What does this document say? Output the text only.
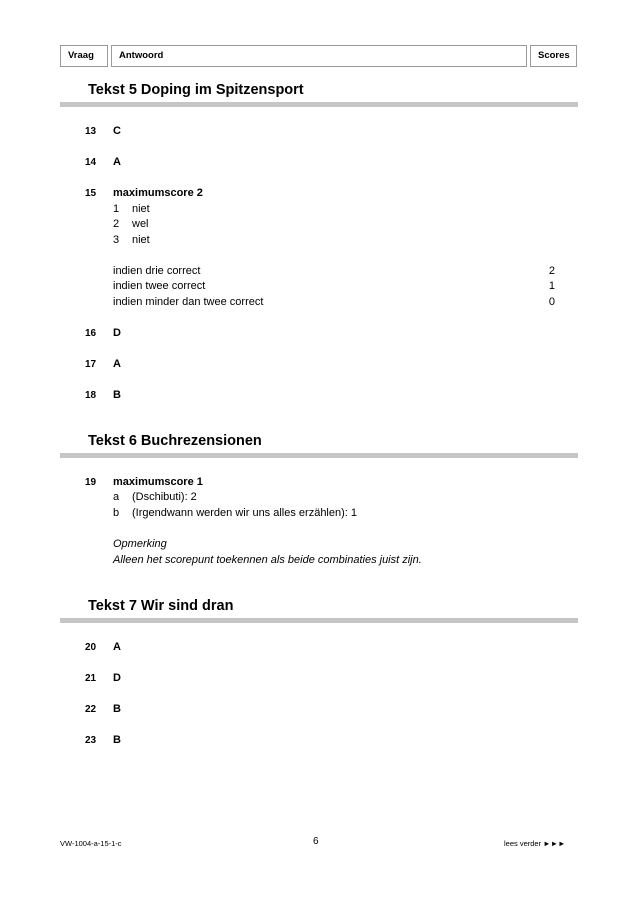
Vraag	Antwoord	Scores
Tekst 5 Doping im Spitzensport
13 C
14 A
15 maximumscore 2
1 niet
2 wel
3 niet
indien drie correct	2
indien twee correct	1
indien minder dan twee correct	0
16 D
17 A
18 B
Tekst 6 Buchrezensionen
19 maximumscore 1
a (Dschibuti): 2
b (Irgendwann werden wir uns alles erzählen): 1
Opmerking
Alleen het scorepunt toekennen als beide combinaties juist zijn.
Tekst 7 Wir sind dran
20 A
21 D
22 B
23 B
VW-1004-a-15-1-c	6	lees verder ►►►
